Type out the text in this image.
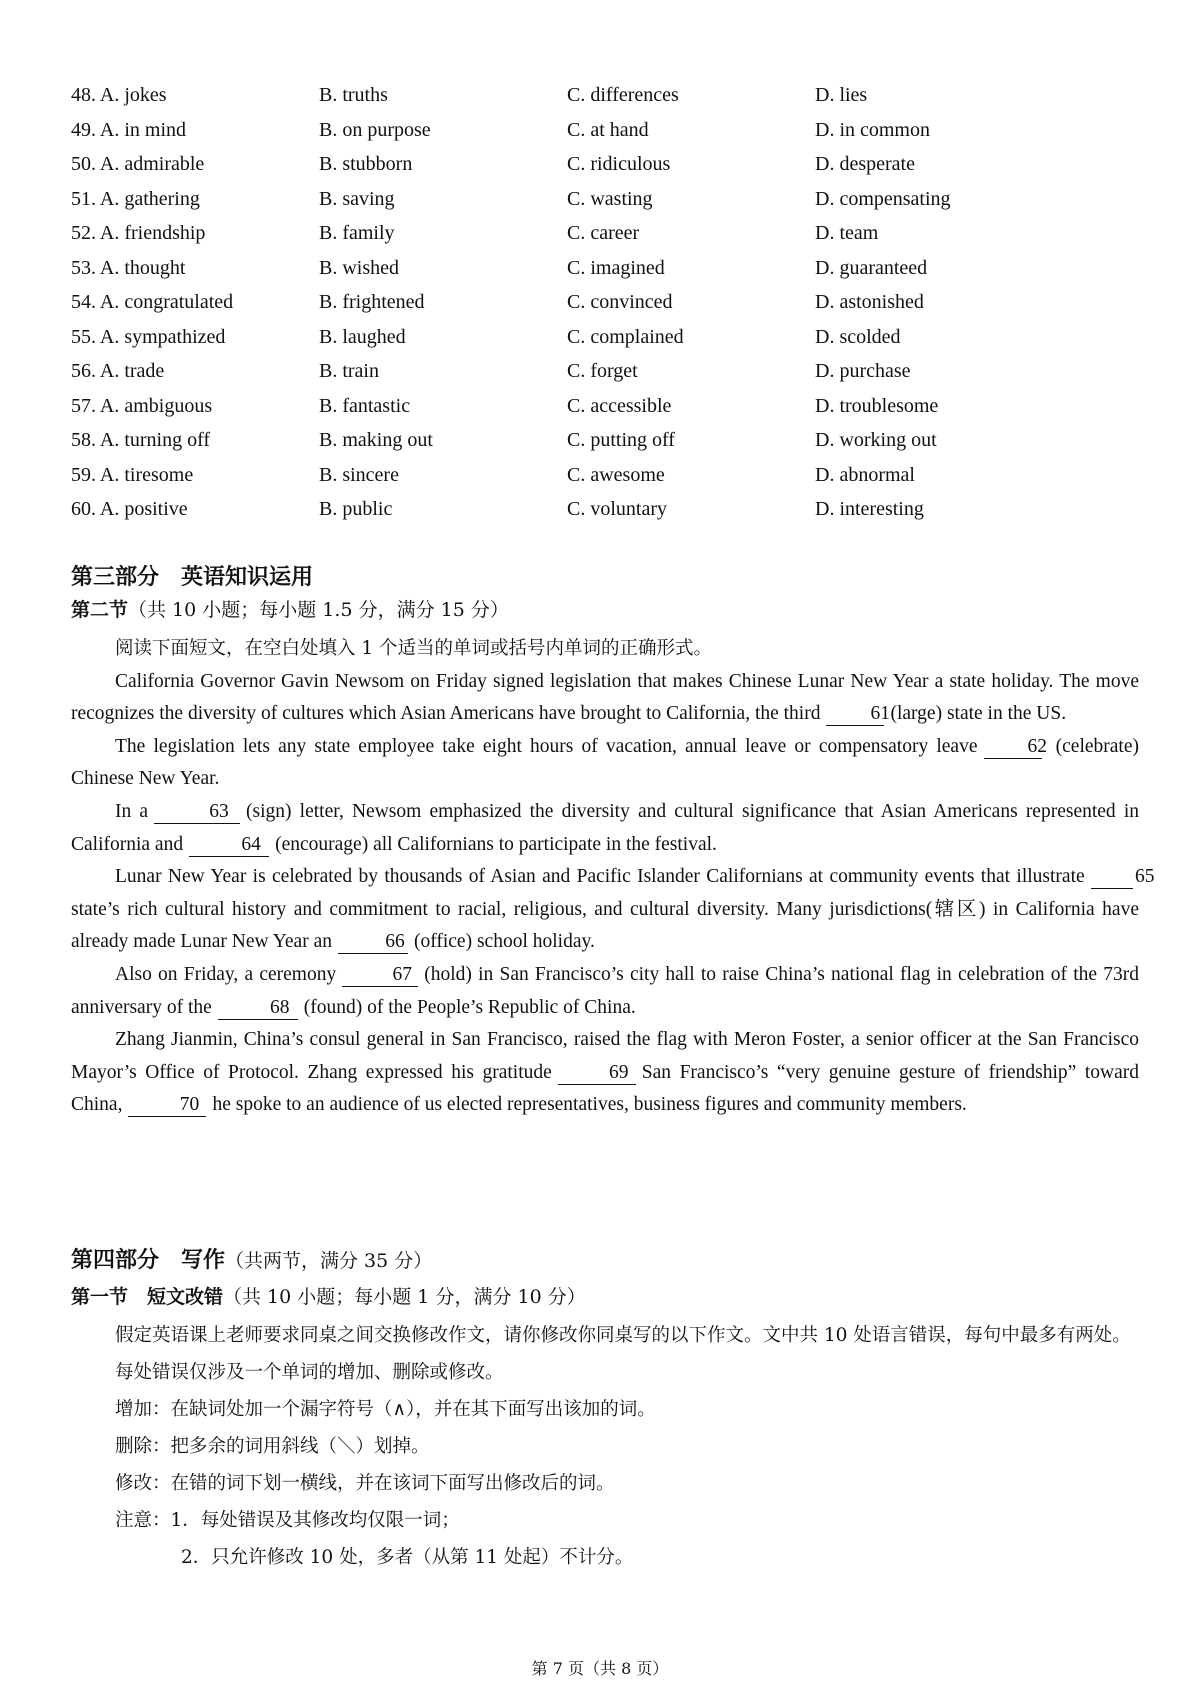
48. A. jokes	B. truths	C. differences	D. lies
49. A. in mind	B. on purpose	C. at hand	D. in common
50. A. admirable	B. stubborn	C. ridiculous	D. desperate
51. A. gathering	B. saving	C. wasting	D. compensating
52. A. friendship	B. family	C. career	D. team
53. A. thought	B. wished	C. imagined	D. guaranteed
54. A. congratulated	B. frightened	C. convinced	D. astonished
55. A. sympathized	B. laughed	C. complained	D. scolded
56. A. trade	B. train	C. forget	D. purchase
57. A. ambiguous	B. fantastic	C. accessible	D. troublesome
58. A. turning off	B. making out	C. putting off	D. working out
59. A. tiresome	B. sincere	C. awesome	D. abnormal
60. A. positive	B. public	C. voluntary	D. interesting
第三部分　英语知识运用
第二节（共 10 小题；每小题 1.5 分，满分 15 分）

阅读下面短文，在空白处填入 1 个适当的单词或括号内单词的正确形式。

California Governor Gavin Newsom on Friday signed legislation that makes Chinese Lunar New Year a state holiday. The move recognizes the diversity of cultures which Asian Americans have brought to California, the third	61(large) state in the US.

The legislation lets any state employee take eight hours of vacation, annual leave or compensatory leave	62 (celebrate) Chinese New Year.

In a	63 (sign) letter, Newsom emphasized the diversity and cultural significance that Asian Americans represented in California and	64 (encourage) all Californians to participate in the festival.

Lunar New Year is celebrated by thousands of Asian and Pacific Islander Californians at community events that illustrate	65state’s rich cultural history and commitment to racial, religious, and cultural diversity. Many jurisdictions(辖区) in California have already made Lunar New Year an	66 (office) school holiday.

Also on Friday, a ceremony	67 (hold) in San Francisco’s city hall to raise China’s national flag in celebration of the 73rd anniversary of the	68 (found) of the People’s Republic of China.

Zhang Jianmin, China’s consul general in San Francisco, raised the flag with Meron Foster, a senior officer at the San Francisco Mayor’s Office of Protocol. Zhang expressed his gratitude	69 San Francisco’s “very genuine gesture of friendship” toward China,	70 he spoke to an audience of us elected representatives, business figures and community members.

第四部分　写作（共两节，满分 35 分）
第一节　短文改错（共 10 小题；每小题 1 分，满分 10 分）

假定英语课上老师要求同桌之间交换修改作文，请你修改你同桌写的以下作文。文中共 10 处语言错误，每句中最多有两处。每处错误仅涉及一个单词的增加、删除或修改。

增加：在缺词处加一个漏字符号（∧），并在其下面写出该加的词。

删除：把多余的词用斜线（＼）划掉。

修改：在错的词下划一横线，并在该词下面写出修改后的词。

注意：1．每处错误及其修改均仅限一词；

2．只允许修改 10 处，多者（从第 11 处起）不计分。

第 7 页（共 8 页）
